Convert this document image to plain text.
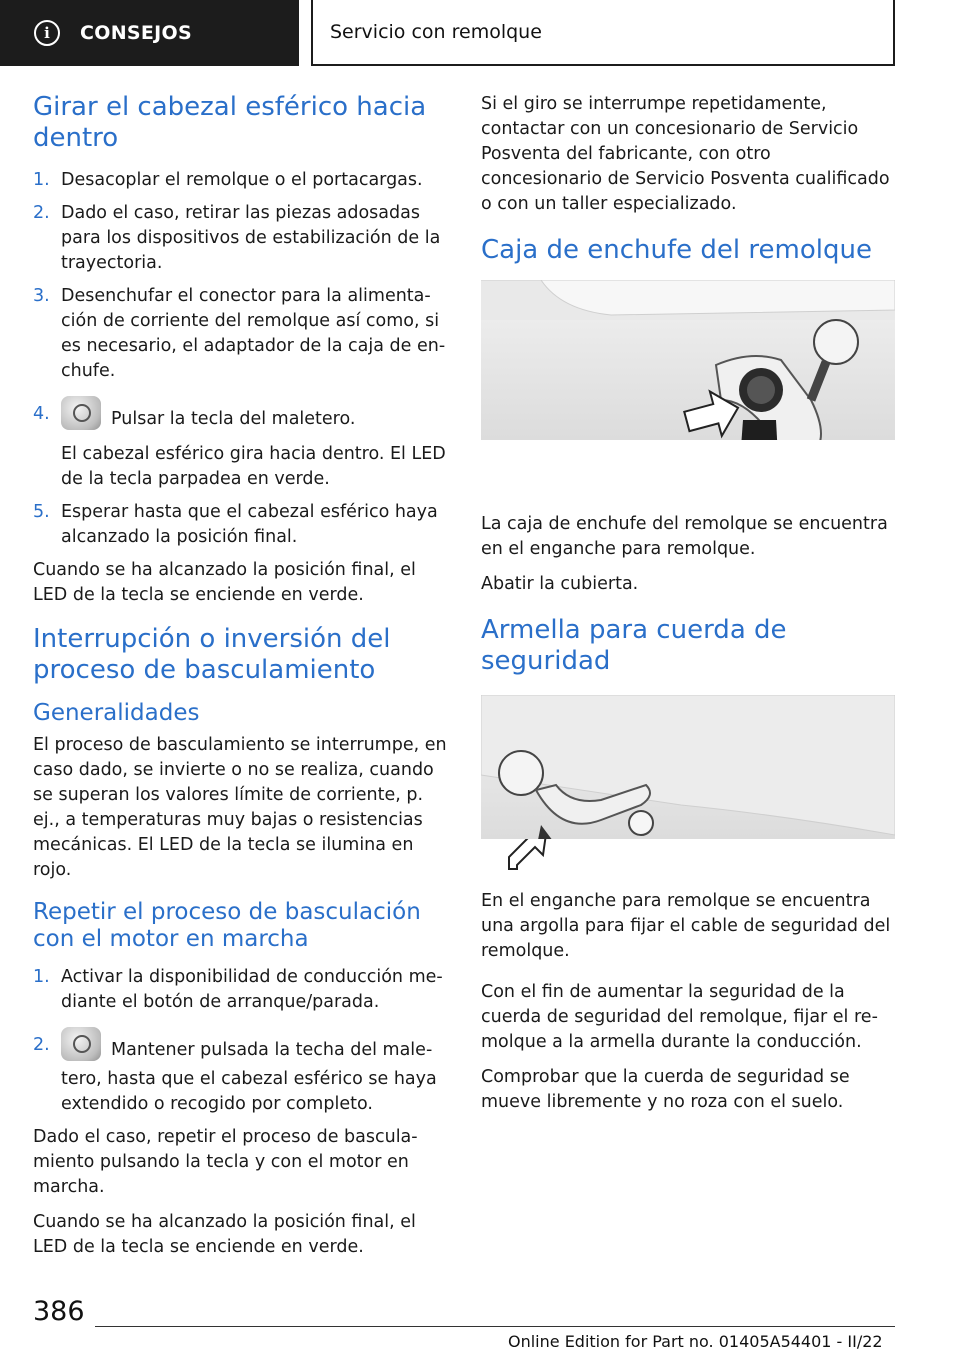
i	CONSEJOS	Servicio con remolque
Girar el cabezal esférico hacia dentro
1. Desacoplar el remolque o el portacargas.
2. Dado el caso, retirar las piezas adosadas para los dispositivos de estabilización de la trayectoria.
3. Desenchufar el conector para la alimentación de corriente del remolque así como, si es necesario, el adaptador de la caja de enchufe.
4.	Pulsar la tecla del maletero.
El cabezal esférico gira hacia dentro. El LED de la tecla parpadea en verde.
5. Esperar hasta que el cabezal esférico haya alcanzado la posición final.

Cuando se ha alcanzado la posición final, el LED de la tecla se enciende en verde.

Interrupción o inversión del proceso de basculamiento
Generalidades

El proceso de basculamiento se interrumpe, en caso dado, se invierte o no se realiza, cuando se superan los valores límite de corriente, p. ej., a temperaturas muy bajas o resistencias mecánicas. El LED de la tecla se ilumina en rojo.

Repetir el proceso de basculación con el motor en marcha
1. Activar la disponibilidad de conducción mediante el botón de arranque/parada.
2.	Mantener pulsada la techa del maletero, hasta que el cabezal esférico se haya extendido o recogido por completo.

Dado el caso, repetir el proceso de basculamiento pulsando la tecla y con el motor en marcha.

Cuando se ha alcanzado la posición final, el LED de la tecla se enciende en verde.

Si el giro se interrumpe repetidamente, contactar con un concesionario de Servicio Posventa del fabricante, con otro concesionario de Servicio Posventa cualificado o con un taller especializado.

Caja de enchufe del remolque

La caja de enchufe del remolque se encuentra en el enganche para remolque.

Abatir la cubierta.

Armella para cuerda de seguridad

En el enganche para remolque se encuentra una argolla para fijar el cable de seguridad del remolque.

Con el fin de aumentar la seguridad de la cuerda de seguridad del remolque, fijar el remolque a la armella durante la conducción.

Comprobar que la cuerda de seguridad se mueve libremente y no roza con el suelo.

386
Online Edition for Part no. 01405A54401 - II/22
